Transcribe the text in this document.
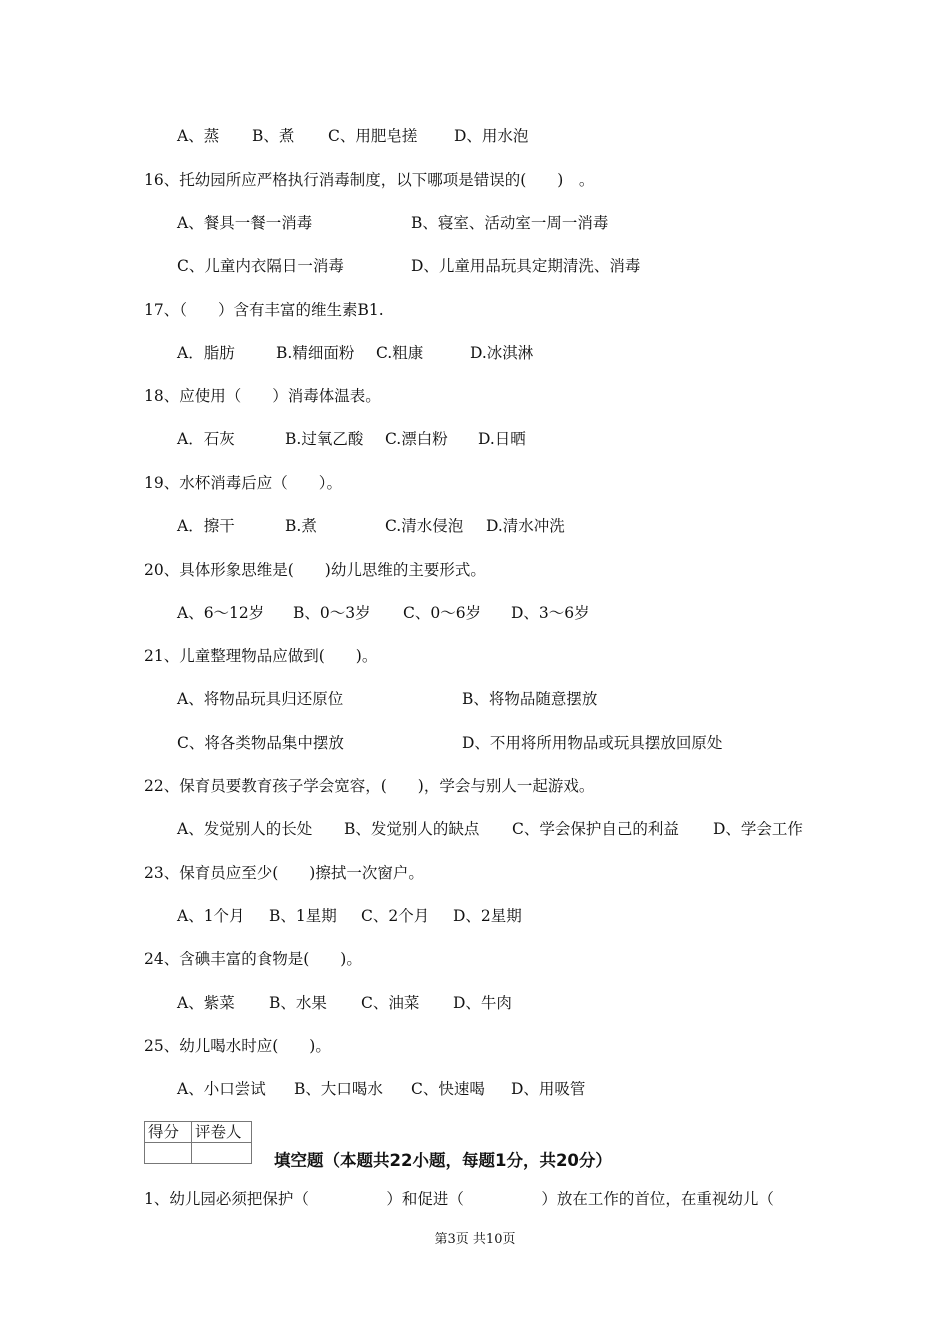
A、蒸 B、煮 C、用肥皂搓 D、用水泡
16、托幼园所应严格执行消毒制度，以下哪项是错误的(　　)　。
A、餐具一餐一消毒	B、寝室、活动室一周一消毒
C、儿童内衣隔日一消毒	D、儿童用品玩具定期清洗、消毒
17、（　　）含有丰富的维生素B1.
A．脂肪	B.精细面粉 C.粗康	D.冰淇淋
18、应使用（　　）消毒体温表。
A．石灰	B.过氧乙酸 C.漂白粉 D.日晒
19、水杯消毒后应（　　）。
A．擦干	B.煮	C.清水侵泡 D.清水冲洗
20、具体形象思维是(　　)幼儿思维的主要形式。
A、6～12岁 B、0～3岁 C、0～6岁 D、3～6岁
21、儿童整理物品应做到(　　)。
A、将物品玩具归还原位	B、将物品随意摆放
C、将各类物品集中摆放	D、不用将所用物品或玩具摆放回原处
22、保育员要教育孩子学会宽容，(　　)，学会与别人一起游戏。
A、发觉别人的长处 B、发觉别人的缺点 C、学会保护自己的利益 D、学会工作
23、保育员应至少(　　)擦拭一次窗户。
A、1个月 B、1星期 C、2个月 D、2星期
24、含碘丰富的食物是(　　)。
A、紫菜 B、水果 C、油菜 D、牛肉
25、幼儿喝水时应(　　)。
A、小口尝试 B、大口喝水 C、快速喝 D、用吸管
得分	评卷人

填空题（本题共22小题，每题1分，共20分）
1、幼儿园必须把保护（　　　　　）和促进（　　　　　）放在工作的首位，在重视幼儿（
第3页 共10页
